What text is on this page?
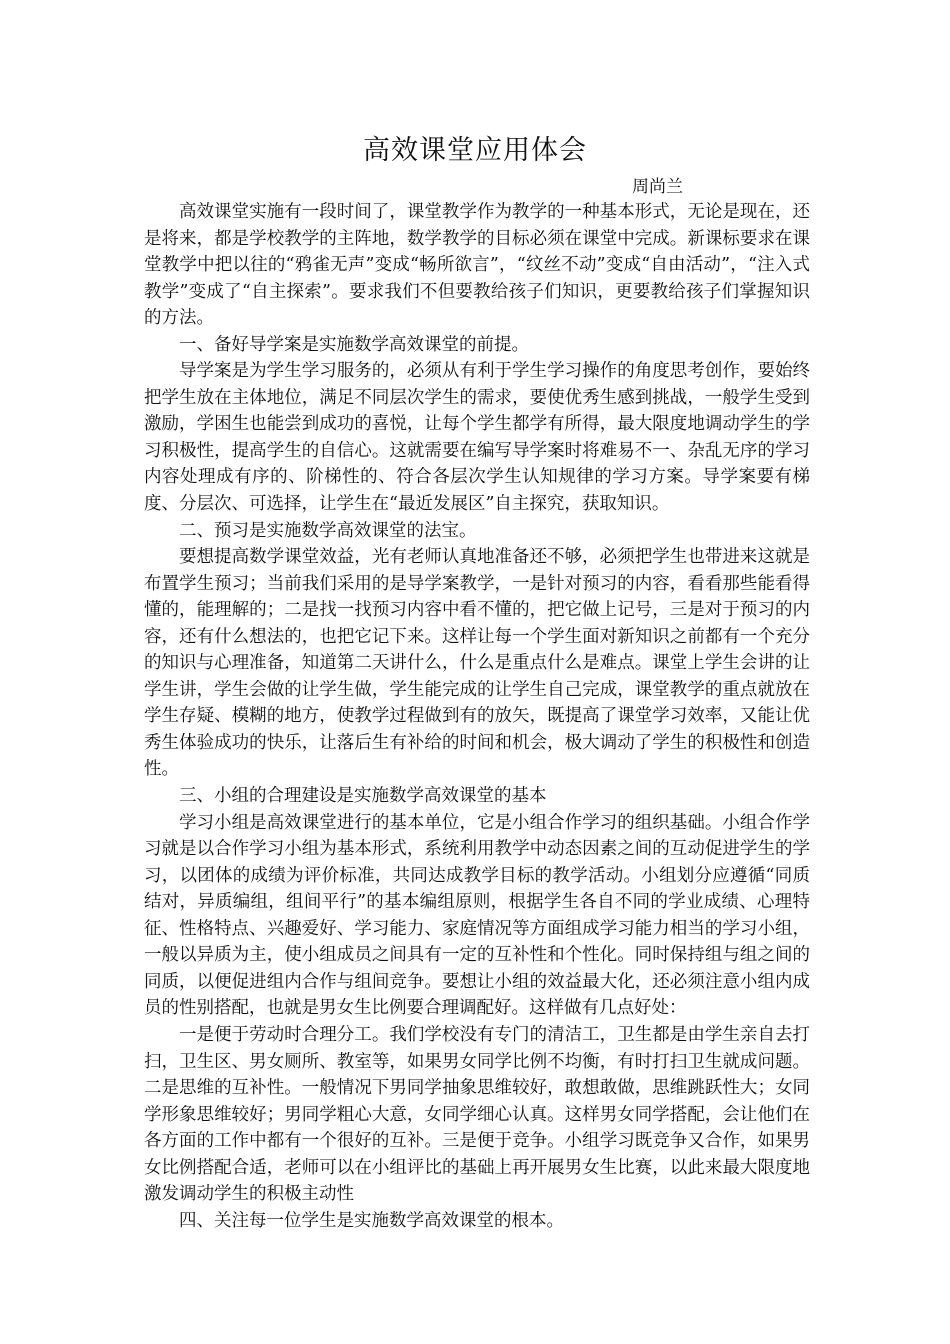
高效课堂应用体会
周尚兰

高效课堂实施有一段时间了，课堂教学作为教学的一种基本形式，无论是现在，还是将来，都是学校教学的主阵地，数学教学的目标必须在课堂中完成。新课标要求在课堂教学中把以往的“鸦雀无声”变成“畅所欲言”，“纹丝不动”变成“自由活动”，“注入式教学”变成了“自主探索”。要求我们不但要教给孩子们知识，更要教给孩子们掌握知识的方法。

一、备好导学案是实施数学高效课堂的前提。

导学案是为学生学习服务的，必须从有利于学生学习操作的角度思考创作，要始终把学生放在主体地位，满足不同层次学生的需求，要使优秀生感到挑战，一般学生受到激励，学困生也能尝到成功的喜悦，让每个学生都学有所得，最大限度地调动学生的学习积极性，提高学生的自信心。这就需要在编写导学案时将难易不一、杂乱无序的学习内容处理成有序的、阶梯性的、符合各层次学生认知规律的学习方案。导学案要有梯度、分层次、可选择，让学生在“最近发展区”自主探究，获取知识。

二、预习是实施数学高效课堂的法宝。

要想提高数学课堂效益，光有老师认真地准备还不够，必须把学生也带进来这就是布置学生预习；当前我们采用的是导学案教学，一是针对预习的内容，看看那些能看得懂的，能理解的；二是找一找预习内容中看不懂的，把它做上记号，三是对于预习的内容，还有什么想法的，也把它记下来。这样让每一个学生面对新知识之前都有一个充分的知识与心理准备，知道第二天讲什么，什么是重点什么是难点。课堂上学生会讲的让学生讲，学生会做的让学生做，学生能完成的让学生自己完成，课堂教学的重点就放在学生存疑、模糊的地方，使教学过程做到有的放矢，既提高了课堂学习效率，又能让优秀生体验成功的快乐，让落后生有补给的时间和机会，极大调动了学生的积极性和创造性。

三、小组的合理建设是实施数学高效课堂的基本

学习小组是高效课堂进行的基本单位，它是小组合作学习的组织基础。小组合作学习就是以合作学习小组为基本形式，系统利用教学中动态因素之间的互动促进学生的学习，以团体的成绩为评价标准，共同达成教学目标的教学活动。小组划分应遵循“同质结对，异质编组，组间平行”的基本编组原则，根据学生各自不同的学业成绩、心理特征、性格特点、兴趣爱好、学习能力、家庭情况等方面组成学习能力相当的学习小组，一般以异质为主，使小组成员之间具有一定的互补性和个性化。同时保持组与组之间的同质，以便促进组内合作与组间竞争。要想让小组的效益最大化，还必须注意小组内成员的性别搭配，也就是男女生比例要合理调配好。这样做有几点好处：

一是便于劳动时合理分工。我们学校没有专门的清洁工，卫生都是由学生亲自去打扫，卫生区、男女厕所、教室等，如果男女同学比例不均衡，有时打扫卫生就成问题。二是思维的互补性。一般情况下男同学抽象思维较好，敢想敢做，思维跳跃性大；女同学形象思维较好；男同学粗心大意，女同学细心认真。这样男女同学搭配，会让他们在各方面的工作中都有一个很好的互补。三是便于竞争。小组学习既竞争又合作，如果男女比例搭配合适，老师可以在小组评比的基础上再开展男女生比赛，以此来最大限度地激发调动学生的积极主动性

四、关注每一位学生是实施数学高效课堂的根本。
